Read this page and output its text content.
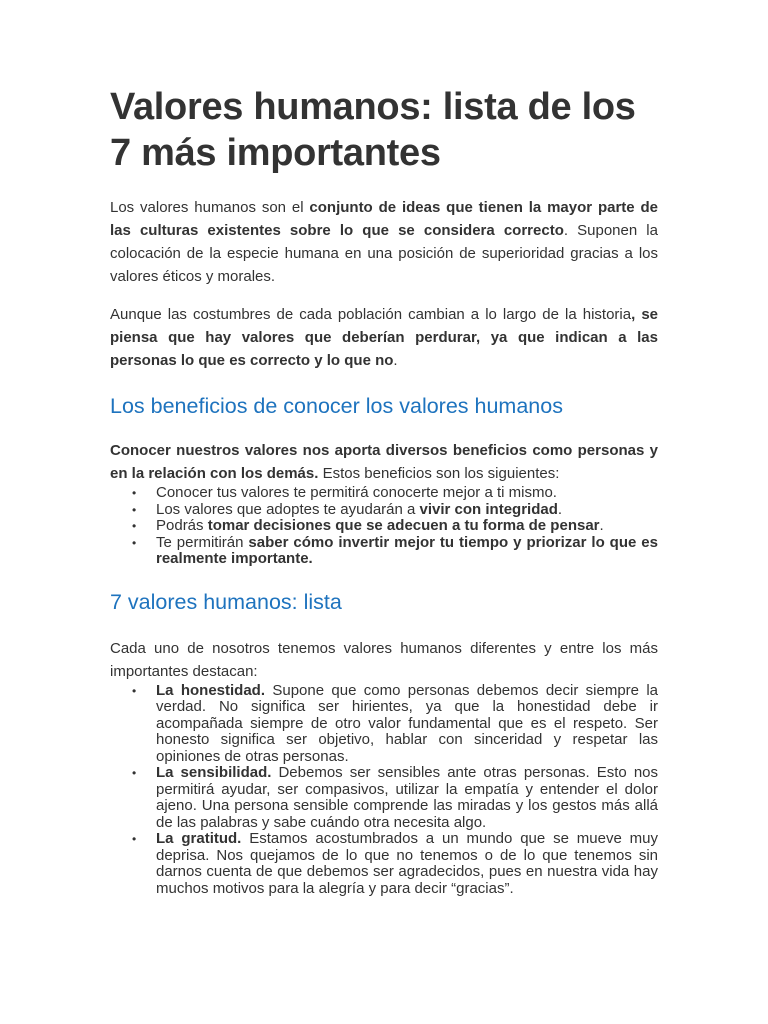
Valores humanos: lista de los 7 más importantes

Los valores humanos son el conjunto de ideas que tienen la mayor parte de las culturas existentes sobre lo que se considera correcto. Suponen la colocación de la especie humana en una posición de superioridad gracias a los valores éticos y morales.

Aunque las costumbres de cada población cambian a lo largo de la historia, se piensa que hay valores que deberían perdurar, ya que indican a las personas lo que es correcto y lo que no.

Los beneficios de conocer los valores humanos

Conocer nuestros valores nos aporta diversos beneficios como personas y en la relación con los demás. Estos beneficios son los siguientes:

• Conocer tus valores te permitirá conocerte mejor a ti mismo.
• Los valores que adoptes te ayudarán a vivir con integridad.
• Podrás tomar decisiones que se adecuen a tu forma de pensar.
• Te permitirán saber cómo invertir mejor tu tiempo y priorizar lo que es realmente importante.
7 valores humanos: lista

Cada uno de nosotros tenemos valores humanos diferentes y entre los más importantes destacan:

• La honestidad. Supone que como personas debemos decir siempre la verdad. No significa ser hirientes, ya que la honestidad debe ir acompañada siempre de otro valor fundamental que es el respeto. Ser honesto significa ser objetivo, hablar con sinceridad y respetar las opiniones de otras personas.
• La sensibilidad. Debemos ser sensibles ante otras personas. Esto nos permitirá ayudar, ser compasivos, utilizar la empatía y entender el dolor ajeno. Una persona sensible comprende las miradas y los gestos más allá de las palabras y sabe cuándo otra necesita algo.
• La gratitud. Estamos acostumbrados a un mundo que se mueve muy deprisa. Nos quejamos de lo que no tenemos o de lo que tenemos sin darnos cuenta de que debemos ser agradecidos, pues en nuestra vida hay muchos motivos para la alegría y para decir “gracias”.
